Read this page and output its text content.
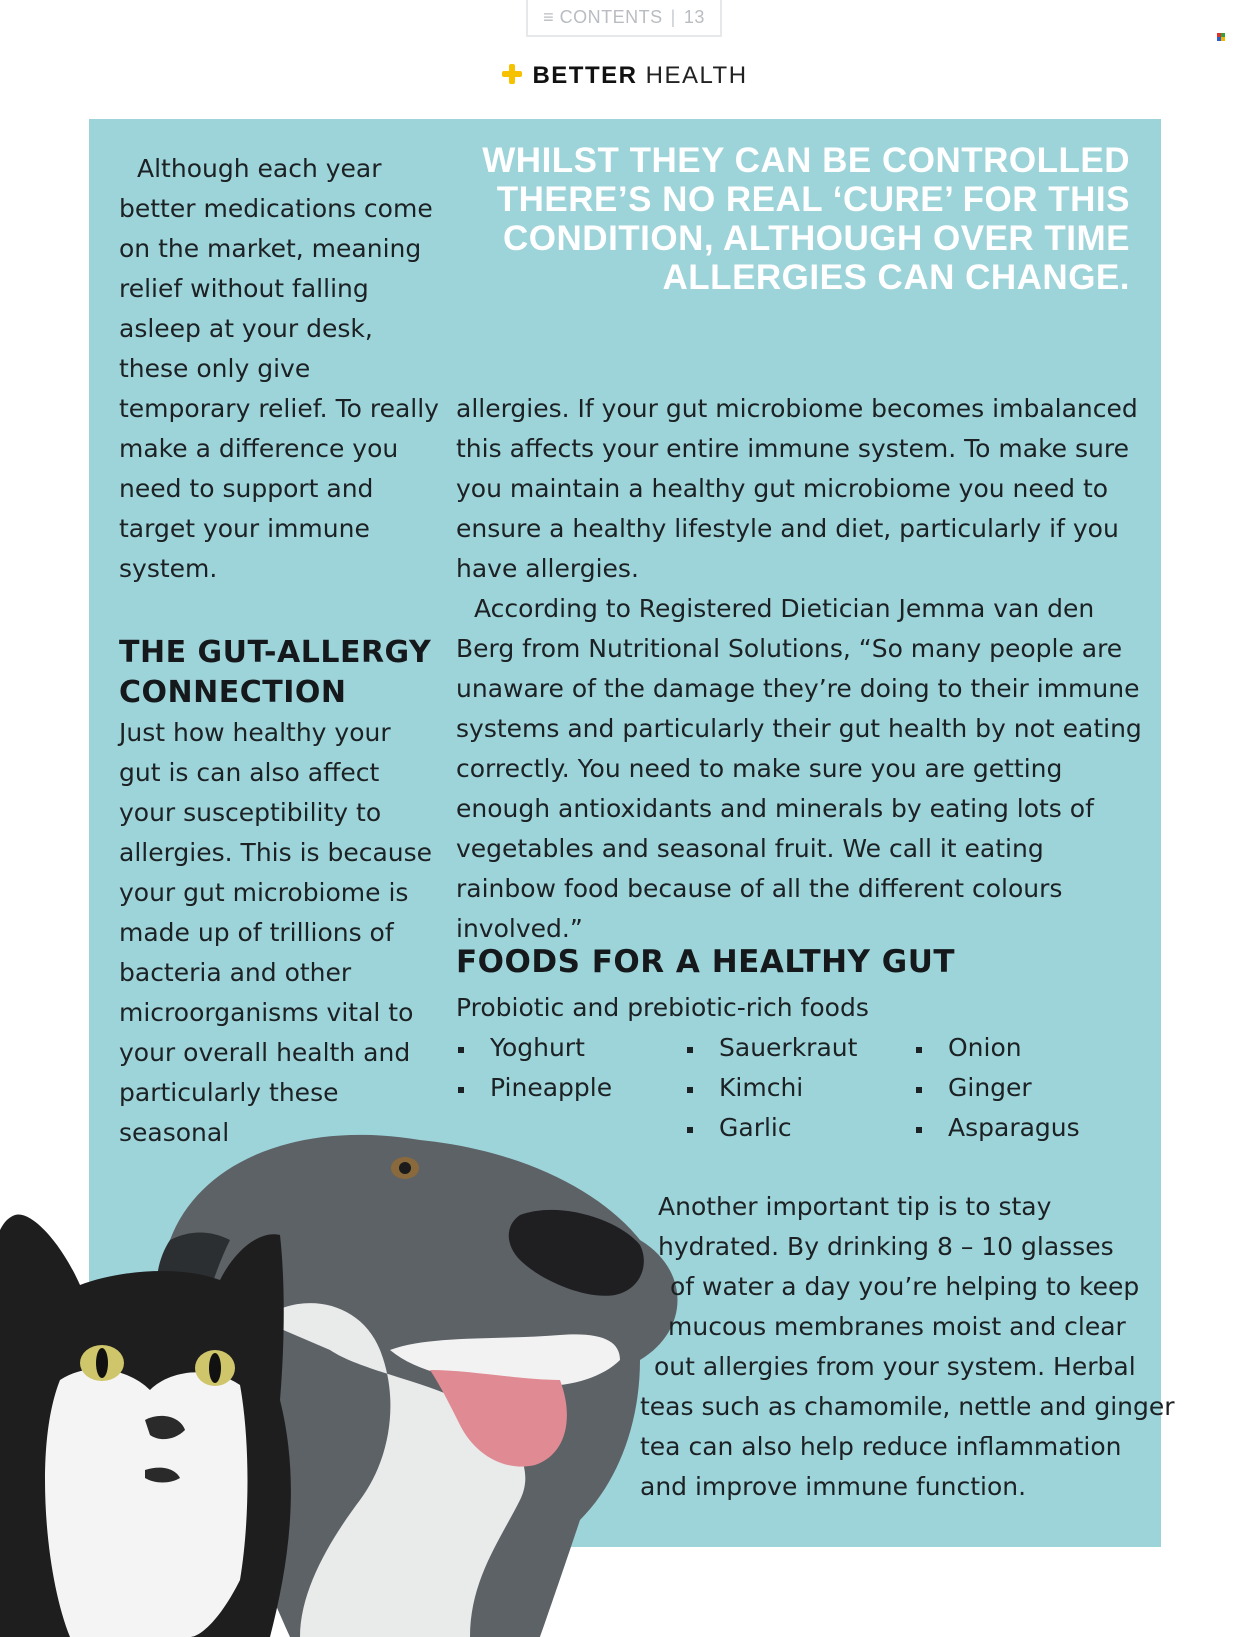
≡ CONTENTS | 13
BETTER HEALTH

Although each year better medications come on the market, meaning relief without falling asleep at your desk, these only give temporary relief. To really make a difference you need to support and target your immune system.

THE GUT-ALLERGY CONNECTION

Just how healthy your gut is can also affect your susceptibility to allergies. This is because your gut microbiome is made up of trillions of bacteria and other microorganisms vital to your overall health and particularly these seasonal

WHILST THEY CAN BE CONTROLLED THERE’S NO REAL ‘CURE’ FOR THIS CONDITION, ALTHOUGH OVER TIME ALLERGIES CAN CHANGE.

allergies. If your gut microbiome becomes imbalanced this affects your entire immune system. To make sure you maintain a healthy gut microbiome you need to ensure a healthy lifestyle and diet, particularly if you have allergies.

According to Registered Dietician Jemma van den Berg from Nutritional Solutions, “So many people are unaware of the damage they’re doing to their immune systems and particularly their gut health by not eating correctly. You need to make sure you are getting enough antioxidants and minerals by eating lots of vegetables and seasonal fruit. We call it eating rainbow food because of all the different colours involved.”

FOODS FOR A HEALTHY GUT
Probiotic and prebiotic-rich foods
Yoghurt
Pineapple
Sauerkraut
Kimchi
Garlic
Onion
Ginger
Asparagus
Another important tip is to stay
hydrated. By drinking 8 – 10 glasses
of water a day you’re helping to keep
mucous membranes moist and clear
out allergies from your system. Herbal
teas such as chamomile, nettle and ginger
tea can also help reduce inflammation
and improve immune function.
